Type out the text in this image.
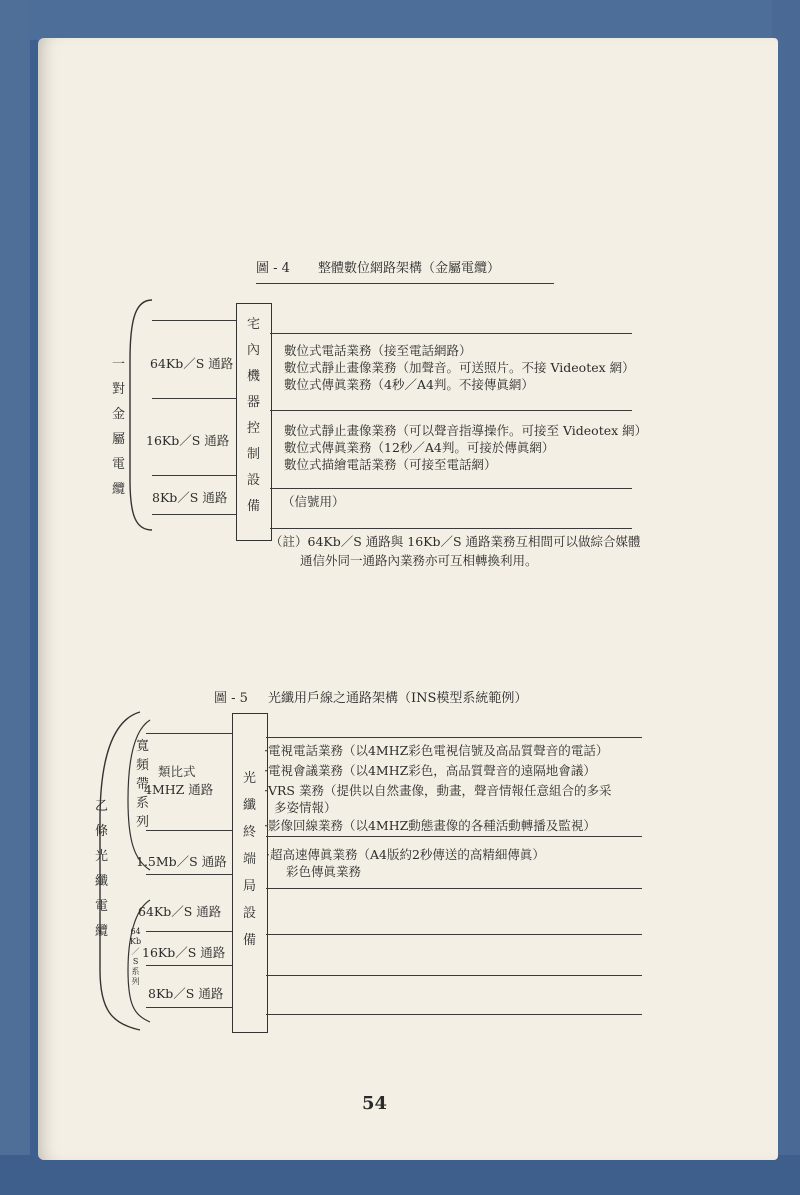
圖 - 4 整體數位網路架構（金屬電纜）
一
對
金
屬
電
纜
64Kb／S 通路
16Kb／S 通路
8Kb／S 通路
宅
內
機
器
控
制
設
備
數位式電話業務（接至電話網路）
數位式靜止畫像業務（加聲音。可送照片。不接 Videotex 網）
數位式傳眞業務（4秒／A4判。不接傳眞網）
數位式靜止畫像業務（可以聲音指導操作。可接至 Videotex 網）
數位式傳眞業務（12秒／A4判。可接於傳眞網）
數位式描繪電話業務（可接至電話網）
（信號用）
（註）64Kb／S 通路與 16Kb／S 通路業務互相間可以做綜合媒體
通信外同一通路內業務亦可互相轉換利用。
圖 - 5 光纖用戶線之通路架構（INS模型系統範例）
乙
條
光
纖
電
纜
寬
頻
帶
系
列
64
Kb
／
S
系
列
類比式
4MHZ 通路
1.5Mb／S 通路
64Kb／S 通路
16Kb／S 通路
8Kb／S 通路
光
纖
終
端
局
設
備
·電視電話業務（以4MHZ彩色電視信號及高品質聲音的電話）
·電視會議業務（以4MHZ彩色，高品質聲音的遠隔地會議）
·VRS 業務（提供以自然畫像，動畫，聲音情報任意組合的多采
多姿情報）
·影像回線業務（以4MHZ動態畫像的各種活動轉播及監視）
·超高速傳眞業務（A4版約2秒傳送的高精細傳眞）
彩色傳眞業務
54
